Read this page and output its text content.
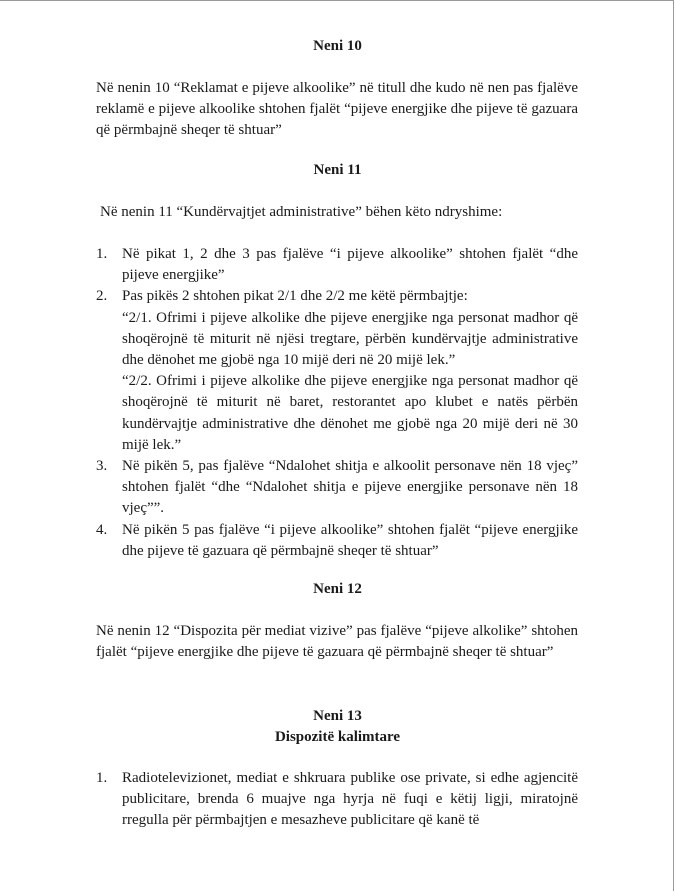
Neni 10
Në nenin 10 “Reklamat e pijeve alkoolike” në titull dhe kudo në nen pas fjalëve reklamë e pijeve alkoolike shtohen fjalët “pijeve energjike dhe pijeve të gazuara që përmbajnë sheqer të shtuar”
Neni 11
Në nenin 11 “Kundërvajtjet administrative” bëhen këto ndryshime:
1. Në pikat 1, 2 dhe 3 pas fjalëve “i pijeve alkoolike” shtohen fjalët “dhe pijeve energjike”
2. Pas pikës 2 shtohen pikat 2/1 dhe 2/2 me këtë përmbajtje:
“2/1. Ofrimi i pijeve alkolike dhe pijeve energjike nga personat madhor që shoqërojnë të miturit në njësi tregtare, përbën kundërvajtje administrative dhe dënohet me gjobë nga 10 mijë deri në 20 mijë lek.”
“2/2. Ofrimi i pijeve alkolike dhe pijeve energjike nga personat madhor që shoqërojnë të miturit në baret, restorantet apo klubet e natës përbën kundërvajtje administrative dhe dënohet me gjobë nga 20 mijë deri në 30 mijë lek.”
3. Në pikën 5, pas fjalëve “Ndalohet shitja e alkoolit personave nën 18 vjeç” shtohen fjalët “dhe “Ndalohet shitja e pijeve energjike personave nën 18 vjeç””.
4. Në pikën 5 pas fjalëve “i pijeve alkoolike” shtohen fjalët “pijeve energjike dhe pijeve të gazuara që përmbajnë sheqer të shtuar”
Neni 12
Në nenin 12 “Dispozita për mediat vizive” pas fjalëve “pijeve alkolike” shtohen fjalët “pijeve energjike dhe pijeve të gazuara që përmbajnë sheqer të shtuar”
Neni 13
Dispozitë kalimtare
1. Radiotelevizionet, mediat e shkruara publike ose private, si edhe agjencitë publicitare, brenda 6 muajve nga hyrja në fuqi e këtij ligji, miratojnë rregulla për përmbajtjen e mesazheve publicitare që kanë të
